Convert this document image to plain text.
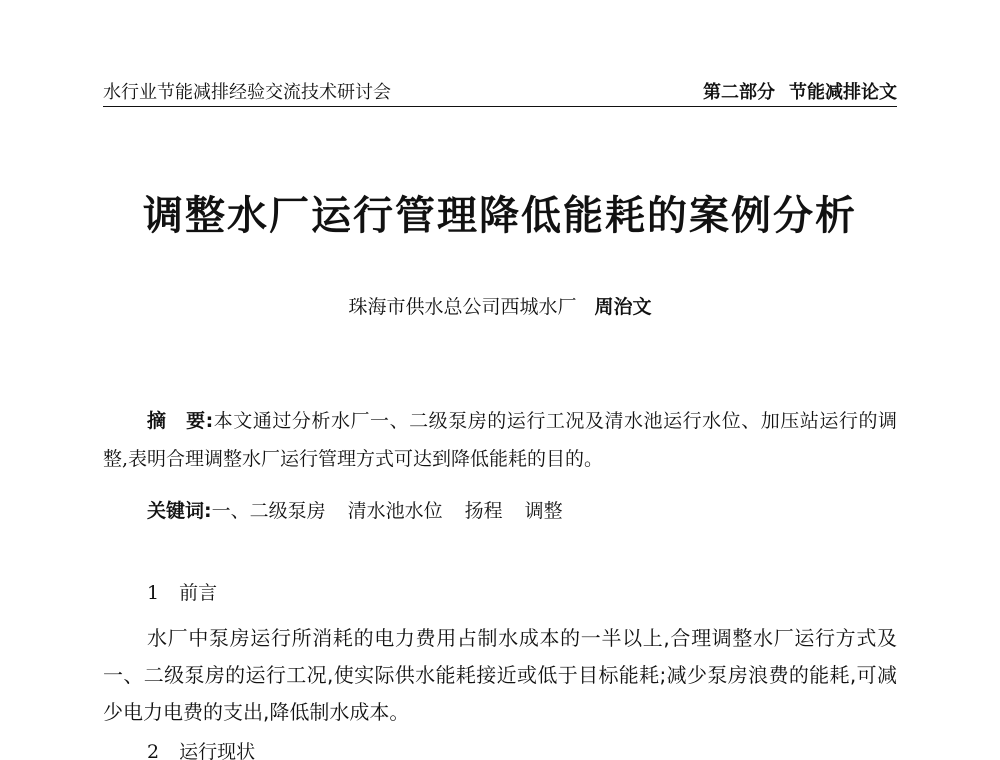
水行业节能减排经验交流技术研讨会	第二部分 节能减排论文
调整水厂运行管理降低能耗的案例分析
珠海市供水总公司西城水厂 周治文
摘　要:本文通过分析水厂一、二级泵房的运行工况及清水池运行水位、加压站运行的调整,表明合理调整水厂运行管理方式可达到降低能耗的目的。
关键词:一、二级泵房 清水池水位 扬程 调整
1 前言
水厂中泵房运行所消耗的电力费用占制水成本的一半以上,合理调整水厂运行方式及一、二级泵房的运行工况,使实际供水能耗接近或低于目标能耗;减少泵房浪费的能耗,可减少电力电费的支出,降低制水成本。
2 运行现状
